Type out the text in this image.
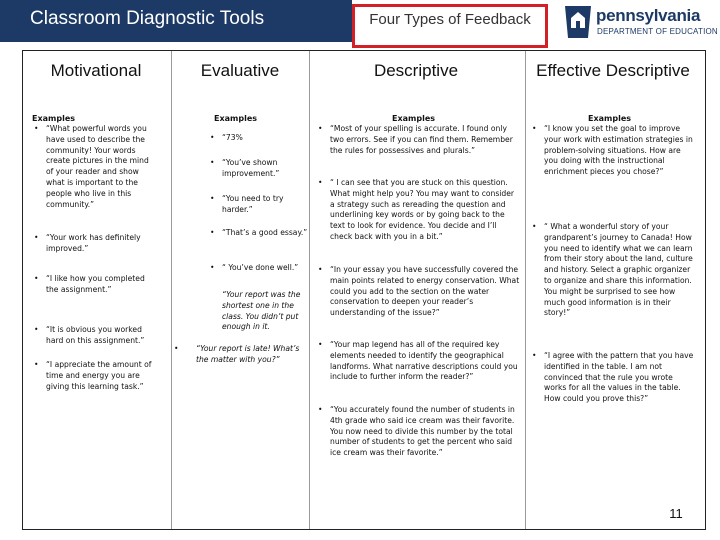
Classroom Diagnostic Tools	Four Types of Feedback	pennsylvania
DEPARTMENT OF EDUCATION
Motivational	Evaluative	Descriptive	Effective Descriptive
Examples
• “What powerful words you have used to describe the community! Your words create pictures in the mind of your reader and show what is important to the people who live in this community.”
• “Your work has definitely improved.”
• “I like how you completed the assignment.”
• “It is obvious you worked hard on this assignment.”
• “I appreciate the amount of time and energy you are giving this learning task.”
Examples
• “73%
• “You’ve shown improvement.”
• “You need to try harder.”
• “That’s a good essay.”
• “ You’ve done well.”
“Your report was the shortest one in the class. You didn’t put enough in it.
• “Your report is late! What’s the matter with you?”
Examples
• “Most of your spelling is accurate. I found only two errors. See if you can find them. Remember the rules for possessives and plurals.”
• “ I can see that you are stuck on this question. What might help you? You may want to consider a strategy such as rereading the question and underlining key words or by going back to the text to look for evidence. You decide and I’ll check back with you in a bit.”
• “In your essay you have successfully covered the main points related to energy conservation. What could you add to the section on the water conservation to deepen your reader’s understanding of the issue?”
• “Your map legend has all of the required key elements needed to identify the geographical landforms. What narrative descriptions could you include to further inform the reader?”
• “You accurately found the number of students in 4th grade who said ice cream was their favorite. You now need to divide this number by the total number of students to get the percent who said ice cream was their favorite.”
Examples
• “I know you set the goal to improve your work with estimation strategies in problem-solving situations. How are you doing with the instructional enrichment pieces you chose?”
• “ What a wonderful story of your grandparent’s journey to Canada! How you need to identify what we can learn from their story about the land, culture and history. Select a graphic organizer to organize and share this information. You might be surprised to see how much good information is in their story!”
• “I agree with the pattern that you have identified in the table. I am not convinced that the rule you wrote works for all the values in the table. How could you prove this?”
11
